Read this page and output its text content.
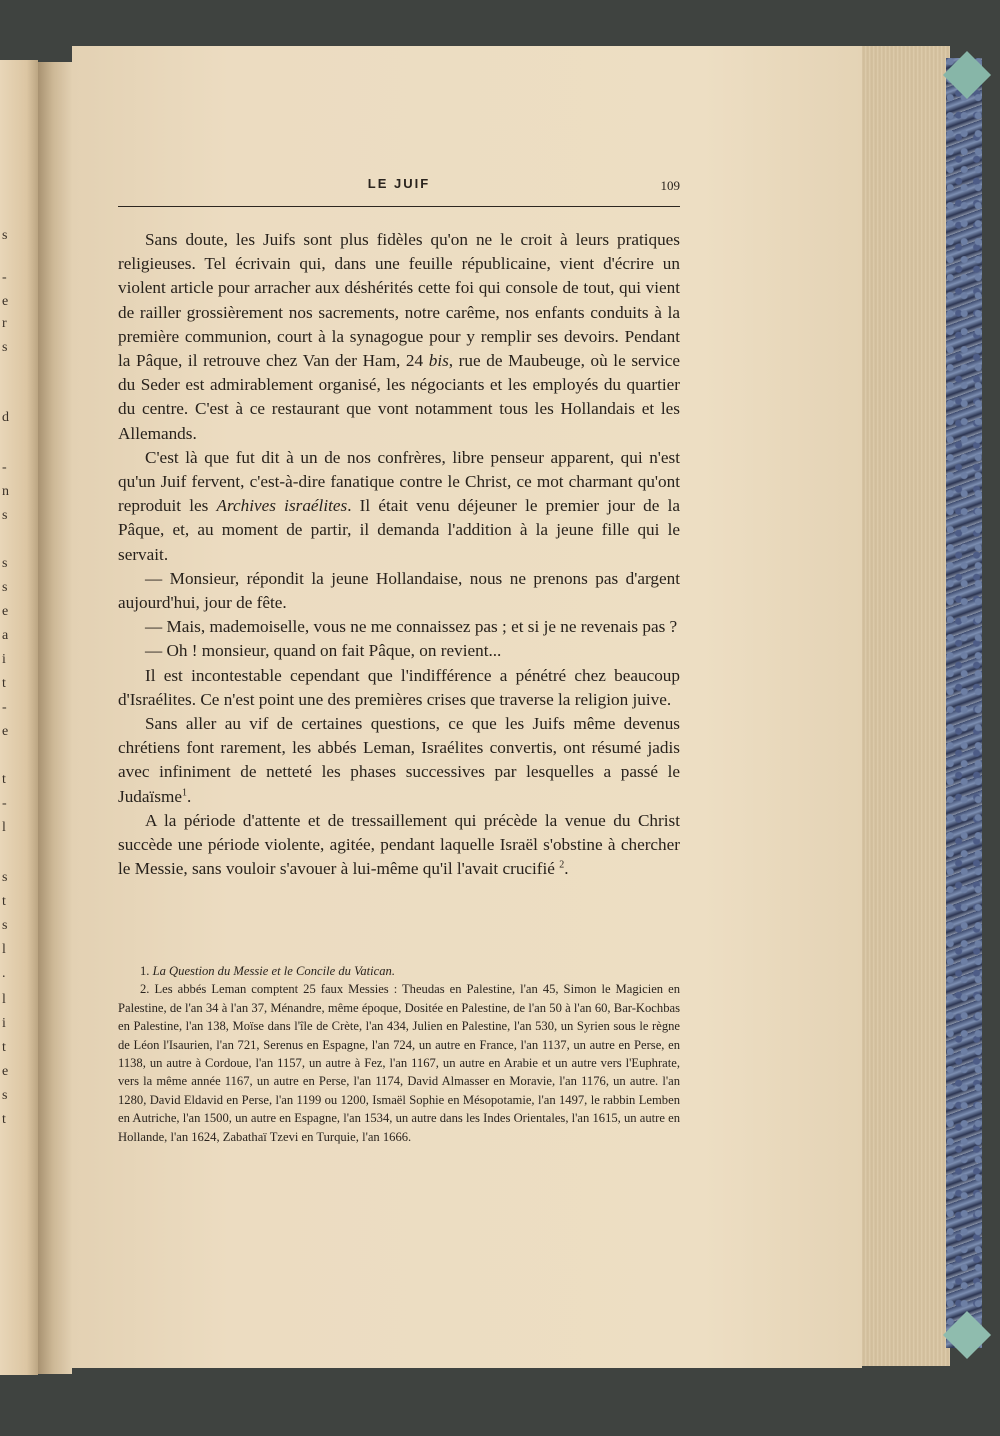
s
-
e
r
s
d
-
n
s
s
s
e
a
i
t
-
e
t
-
l
s
t
s
l
.
l
i
t
e
s
t
LE JUIF	109

Sans doute, les Juifs sont plus fidèles qu'on ne le croit à leurs pratiques religieuses. Tel écrivain qui, dans une feuille républicaine, vient d'écrire un violent article pour arracher aux déshérités cette foi qui console de tout, qui vient de railler grossièrement nos sacrements, notre carême, nos enfants conduits à la première communion, court à la synagogue pour y remplir ses devoirs. Pendant la Pâque, il retrouve chez Van der Ham, 24 bis, rue de Maubeuge, où le service du Seder est admirablement organisé, les négociants et les employés du quartier du centre. C'est à ce restaurant que vont notamment tous les Hollandais et les Allemands.

C'est là que fut dit à un de nos confrères, libre penseur apparent, qui n'est qu'un Juif fervent, c'est-à-dire fanatique contre le Christ, ce mot charmant qu'ont reproduit les Archives israélites. Il était venu déjeuner le premier jour de la Pâque, et, au moment de partir, il demanda l'addition à la jeune fille qui le servait.

— Monsieur, répondit la jeune Hollandaise, nous ne prenons pas d'argent aujourd'hui, jour de fête.

— Mais, mademoiselle, vous ne me connaissez pas ; et si je ne revenais pas ?

— Oh ! monsieur, quand on fait Pâque, on revient...

Il est incontestable cependant que l'indifférence a pénétré chez beaucoup d'Israélites. Ce n'est point une des premières crises que traverse la religion juive.

Sans aller au vif de certaines questions, ce que les Juifs même devenus chrétiens font rarement, les abbés Leman, Israélites convertis, ont résumé jadis avec infiniment de netteté les phases successives par lesquelles a passé le Judaïsme$^1$.

A la période d'attente et de tressaillement qui précède la venue du Christ succède une période violente, agitée, pendant laquelle Israël s'obstine à chercher le Messie, sans vouloir s'avouer à lui-même qu'il l'avait crucifié $^2$.

1. La Question du Messie et le Concile du Vatican.

2. Les abbés Leman comptent 25 faux Messies : Theudas en Palestine, l'an 45, Simon le Magicien en Palestine, de l'an 34 à l'an 37, Ménandre, même époque, Dositée en Palestine, de l'an 50 à l'an 60, Bar-Kochbas en Palestine, l'an 138, Moïse dans l'île de Crète, l'an 434, Julien en Palestine, l'an 530, un Syrien sous le règne de Léon l'Isaurien, l'an 721, Serenus en Espagne, l'an 724, un autre en France, l'an 1137, un autre en Perse, en 1138, un autre à Cordoue, l'an 1157, un autre à Fez, l'an 1167, un autre en Arabie et un autre vers l'Euphrate, vers la même année 1167, un autre en Perse, l'an 1174, David Almasser en Moravie, l'an 1176, un autre. l'an 1280, David Eldavid en Perse, l'an 1199 ou 1200, Ismaël Sophie en Mésopotamie, l'an 1497, le rabbin Lemben en Autriche, l'an 1500, un autre en Espagne, l'an 1534, un autre dans les Indes Orientales, l'an 1615, un autre en Hollande, l'an 1624, Zabathaï Tzevi en Turquie, l'an 1666.
